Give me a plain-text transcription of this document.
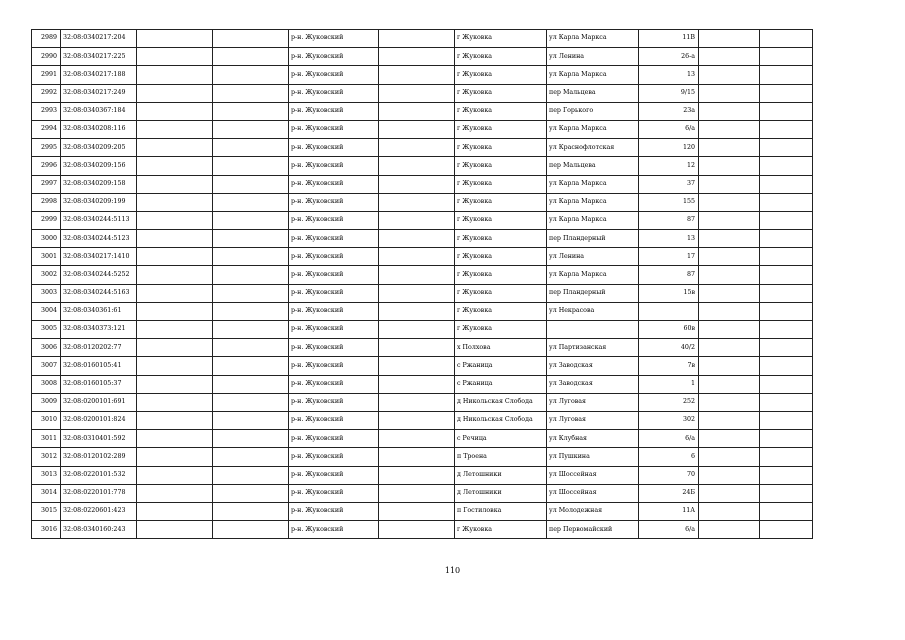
2989	32:08:0340217:204			р-н. Жуковский		г Жуковка	ул Карла Маркса	11В		
2990	32:08:0340217:225			р-н. Жуковский		г Жуковка	ул Ленина	26-а		
2991	32:08:0340217:188			р-н. Жуковский		г Жуковка	ул Карла Маркса	13		
2992	32:08:0340217:249			р-н. Жуковский		г Жуковка	пер Мальцева	9/15		
2993	32:08:0340367:184			р-н. Жуковский		г Жуковка	пер Горького	23а		
2994	32:08:0340208:116			р-н. Жуковский		г Жуковка	ул Карла Маркса	6/а		
2995	32:08:0340209:205			р-н. Жуковский		г Жуковка	ул Краснофлотская	120		
2996	32:08:0340209:156			р-н. Жуковский		г Жуковка	пер Мальцева	12		
2997	32:08:0340209:158			р-н. Жуковский		г Жуковка	ул Карла Маркса	37		
2998	32:08:0340209:199			р-н. Жуковский		г Жуковка	ул Карла Маркса	155		
2999	32:08:0340244:5113			р-н. Жуковский		г Жуковка	ул Карла Маркса	87		
3000	32:08:0340244:5123			р-н. Жуковский		г Жуковка	пер Пландерный	13		
3001	32:08:0340217:1410			р-н. Жуковский		г Жуковка	ул Ленина	17		
3002	32:08:0340244:5252			р-н. Жуковский		г Жуковка	ул Карла Маркса	87		
3003	32:08:0340244:5163			р-н. Жуковский		г Жуковка	пер Пландерный	15в		
3004	32:08:0340361:61			р-н. Жуковский		г Жуковка	ул Некрасова			
3005	32:08:0340373:121			р-н. Жуковский		г Жуковка		60в		
3006	32:08:0120202:77			р-н. Жуковский		х Полхова	ул Партизанская	40/2		
3007	32:08:0160105:41			р-н. Жуковский		с Ржаница	ул Заводская	7в		
3008	32:08:0160105:37			р-н. Жуковский		с Ржаница	ул Заводская	1		
3009	32:08:0200101:691			р-н. Жуковский		д Никольская Слобода	ул Луговая	252		
3010	32:08:0200101:824			р-н. Жуковский		д Никольская Слобода	ул Луговая	302		
3011	32:08:0310401:592			р-н. Жуковский		с Речица	ул Клубная	6/а		
3012	32:08:0120102:289			р-н. Жуковский		п Троена	ул Пушкина	6		
3013	32:08:0220101:532			р-н. Жуковский		д Летошники	ул Шоссейная	70		
3014	32:08:0220101:778			р-н. Жуковский		д Летошники	ул Шоссейная	24Б		
3015	32:08:0220601:423			р-н. Жуковский		п Гостиловка	ул Молодежная	11А		
3016	32:08:0340160:243			р-н. Жуковский		г Жуковка	пер Первомайский	6/а		
110
